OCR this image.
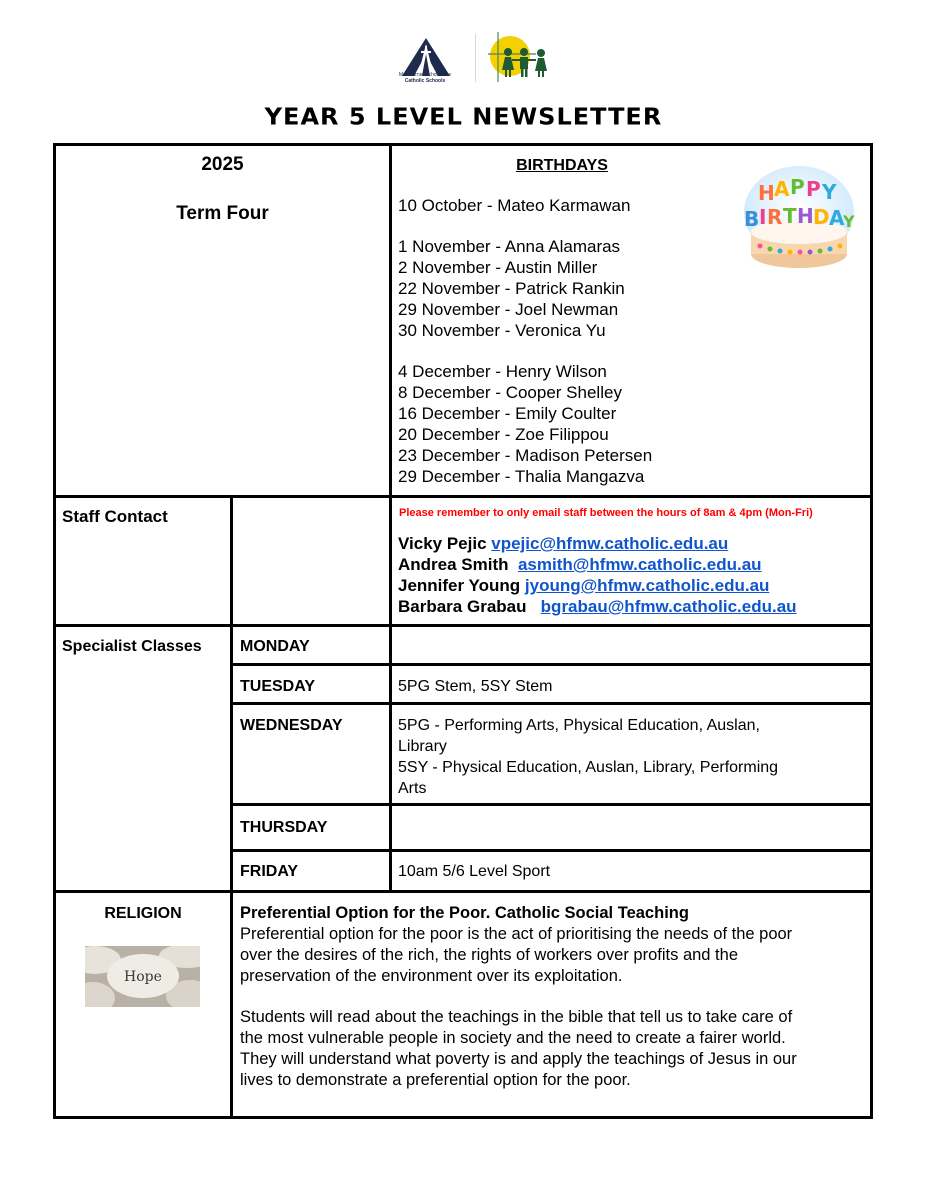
Melbourne Archdiocese
Catholic Schools
YEAR 5 LEVEL NEWSLETTER
2025
Term Four
BIRTHDAYS
10 October - Mateo Karmawan
1 November - Anna Alamaras
2 November - Austin Miller
22 November - Patrick Rankin
29 November - Joel Newman
30 November - Veronica Yu
4 December - Henry Wilson
8 December - Cooper Shelley
16 December - Emily Coulter
20 December - Zoe Filippou
23 December - Madison Petersen
29 December - Thalia Mangazva
H A P P Y
B I R T H D A
Y
Staff Contact	Please remember to only email staff between the hours of 8am & 4pm (Mon-Fri)
Vicky Pejic vpejic@hfmw.catholic.edu.au
Andrea Smith  asmith@hfmw.catholic.edu.au
Jennifer Young jyoung@hfmw.catholic.edu.au
Barbara Grabau   bgrabau@hfmw.catholic.edu.au
Specialist Classes MONDAY
TUESDAY	5PG Stem, 5SY Stem
WEDNESDAY	5PG - Performing Arts, Physical Education, Auslan,
Library
5SY - Physical Education, Auslan, Library, Performing
Arts
THURSDAY
FRIDAY	10am 5/6 Level Sport
RELIGION
Hope
Preferential Option for the Poor. Catholic Social Teaching
Preferential option for the poor is the act of prioritising the needs of the poor
over the desires of the rich, the rights of workers over profits and the
preservation of the environment over its exploitation.
Students will read about the teachings in the bible that tell us to take care of
the most vulnerable people in society and the need to create a fairer world.
They will understand what poverty is and apply the teachings of Jesus in our
lives to demonstrate a preferential option for the poor.
